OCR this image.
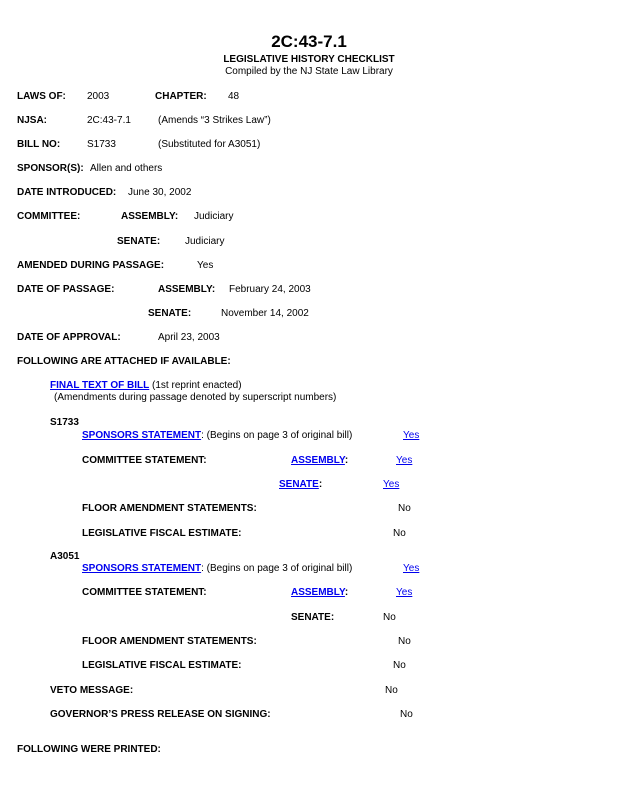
2C:43-7.1
LEGISLATIVE HISTORY CHECKLIST
Compiled by the NJ State Law Library
LAWS OF: 2003	CHAPTER: 48
NJSA:	2C:43-7.1	(Amends “3 Strikes Law”)
BILL NO:	S1733	(Substituted for A3051)
SPONSOR(S): Allen and others
DATE INTRODUCED: June 30, 2002
COMMITTEE:	ASSEMBLY: Judiciary
SENATE: Judiciary
AMENDED DURING PASSAGE:	Yes
DATE OF PASSAGE:	ASSEMBLY: February 24, 2003
SENATE:	November 14, 2002
DATE OF APPROVAL:	April 23, 2003
FOLLOWING ARE ATTACHED IF AVAILABLE:
FINAL TEXT OF BILL (1st reprint enacted)
(Amendments during passage denoted by superscript numbers)
S1733
SPONSORS STATEMENT: (Begins on page 3 of original bill)	Yes
COMMITTEE STATEMENT:	ASSEMBLY:	Yes
SENATE:	Yes
FLOOR AMENDMENT STATEMENTS:	No
LEGISLATIVE FISCAL ESTIMATE:	No
A3051
SPONSORS STATEMENT: (Begins on page 3 of original bill)	Yes
COMMITTEE STATEMENT:	ASSEMBLY:	Yes
SENATE:	No
FLOOR AMENDMENT STATEMENTS:	No
LEGISLATIVE FISCAL ESTIMATE:	No
VETO MESSAGE:	No
GOVERNOR’S PRESS RELEASE ON SIGNING:	No
FOLLOWING WERE PRINTED:
